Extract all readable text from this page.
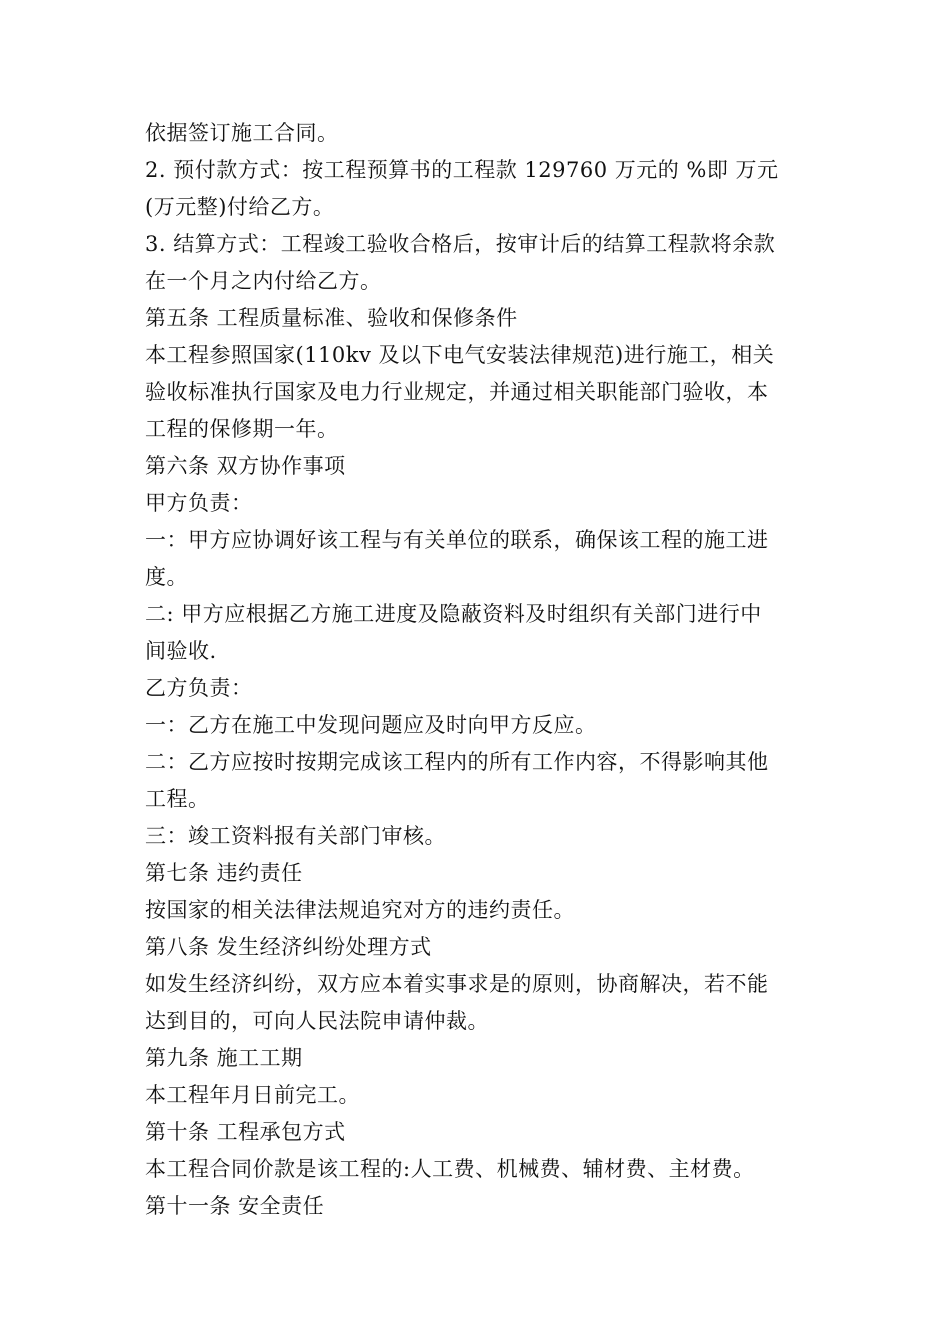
依据签订施工合同。
2. 预付款方式：按工程预算书的工程款 129760 万元的 %即 万元
(万元整)付给乙方。
3. 结算方式：工程竣工验收合格后，按审计后的结算工程款将余款
在一个月之内付给乙方。
第五条 工程质量标准、验收和保修条件
本工程参照国家(110kv 及以下电气安装法律规范)进行施工，相关
验收标准执行国家及电力行业规定，并通过相关职能部门验收，本
工程的保修期一年。
第六条 双方协作事项
甲方负责：
一：甲方应协调好该工程与有关单位的联系，确保该工程的施工进
度。
二: 甲方应根据乙方施工进度及隐蔽资料及时组织有关部门进行中
间验收.
乙方负责：
一：乙方在施工中发现问题应及时向甲方反应。
二：乙方应按时按期完成该工程内的所有工作内容，不得影响其他
工程。
三：竣工资料报有关部门审核。
第七条 违约责任
按国家的相关法律法规追究对方的违约责任。
第八条 发生经济纠纷处理方式
如发生经济纠纷，双方应本着实事求是的原则，协商解决，若不能
达到目的，可向人民法院申请仲裁。
第九条 施工工期
本工程年月日前完工。
第十条 工程承包方式
本工程合同价款是该工程的:人工费、机械费、辅材费、主材费。
第十一条 安全责任
